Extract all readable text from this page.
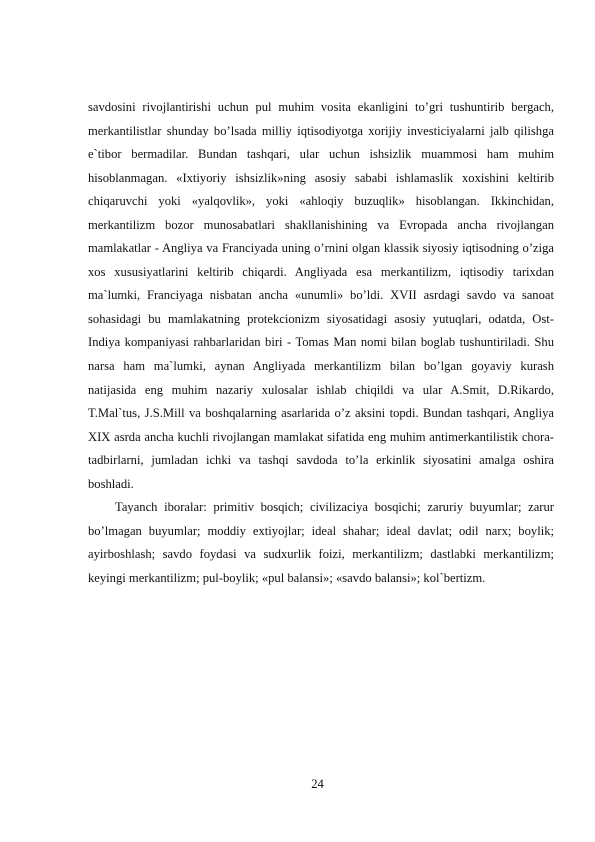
savdosini rivojlantirishi uchun pul muhim vosita ekanligini to’gri tushuntirib bergach, merkantilistlar shunday bo’lsada milliy iqtisodiyotga xorijiy investiciyalarni jalb qilishga e`tibor bermadilar. Bundan tashqari, ular uchun ishsizlik muammosi ham muhim hisoblanmagan. «Ixtiyoriy ishsizlik»ning asosiy sababi ishlamaslik xoxishini keltirib chiqaruvchi yoki «yalqovlik», yoki «ahloqiy buzuqlik» hisoblangan. Ikkinchidan, merkantilizm bozor munosabatlari shakllanishining va Evropada ancha rivojlangan mamlakatlar - Angliya va Franciyada uning o’rnini olgan klassik siyosiy iqtisodning o’ziga xos xususiyatlarini keltirib chiqardi. Angliyada esa merkantilizm, iqtisodiy tarixdan ma`lumki, Franciyaga nisbatan ancha «unumli» bo’ldi. XVII asrdagi savdo va sanoat sohasidagi bu mamlakatning protekcionizm siyosatidagi asosiy yutuqlari, odatda, Ost-Indiya kompaniyasi rahbarlaridan biri - Tomas Man nomi bilan boglab tushuntiriladi. Shu narsa ham ma`lumki, aynan Angliyada merkantilizm bilan bo’lgan goyaviy kurash natijasida eng muhim nazariy xulosalar ishlab chiqildi va ular A.Smit, D.Rikardo, T.Mal`tus, J.S.Mill va boshqalarning asarlarida o’z aksini topdi. Bundan tashqari, Angliya XIX asrda ancha kuchli rivojlangan mamlakat sifatida eng muhim antimerkantilistik chora-tadbirlarni, jumladan ichki va tashqi savdoda to’la erkinlik siyosatini amalga oshira boshladi.

Tayanch iboralar: primitiv bosqich; civilizaciya bosqichi; zaruriy buyumlar; zarur bo’lmagan buyumlar; moddiy extiyojlar; ideal shahar; ideal davlat; odil narx; boylik; ayirboshlash; savdo foydasi va sudxurlik foizi, merkantilizm; dastlabki merkantilizm; keyingi merkantilizm; pul-boylik; «pul balansi»; «savdo balansi»; kol`bertizm.

24
